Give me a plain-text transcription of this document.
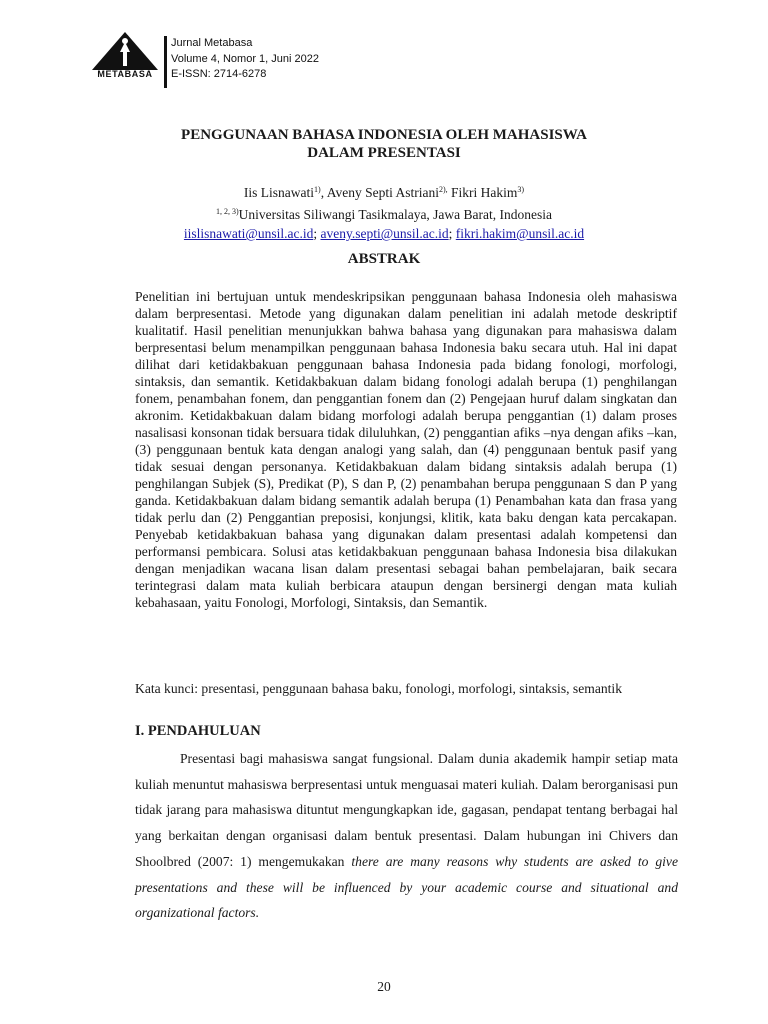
METABASA
Jurnal Metabasa
Volume 4, Nomor 1, Juni 2022
E-ISSN: 2714-6278
PENGGUNAAN BAHASA INDONESIA OLEH MAHASISWA
DALAM PRESENTASI
Iis Lisnawati$^{1)}$, Aveny Septi Astriani$^{2),}$ Fikri Hakim$^{3)}$
$^{1, 2, 3)}$Universitas Siliwangi Tasikmalaya, Jawa Barat, Indonesia
iislisnawati@unsil.ac.id; aveny.septi@unsil.ac.id; fikri.hakim@unsil.ac.id
ABSTRAK

Penelitian ini bertujuan untuk mendeskripsikan penggunaan bahasa Indonesia oleh mahasiswa dalam berpresentasi. Metode yang digunakan dalam penelitian ini adalah metode deskriptif kualitatif. Hasil penelitian menunjukkan bahwa bahasa yang digunakan para mahasiswa dalam berpresentasi belum menampilkan penggunaan bahasa Indonesia baku secara utuh. Hal ini dapat dilihat dari ketidakbakuan penggunaan bahasa Indonesia pada bidang fonologi, morfologi, sintaksis, dan semantik. Ketidakbakuan dalam bidang fonologi adalah berupa (1) penghilangan fonem, penambahan fonem, dan penggantian fonem dan (2) Pengejaan huruf dalam singkatan dan akronim. Ketidakbakuan dalam bidang morfologi adalah berupa penggantian (1) dalam proses nasalisasi konsonan tidak bersuara tidak diluluhkan, (2) penggantian afiks –nya dengan afiks –kan, (3) penggunaan bentuk kata dengan analogi yang salah, dan (4) penggunaan bentuk pasif yang tidak sesuai dengan personanya. Ketidakbakuan dalam bidang sintaksis adalah berupa (1) penghilangan Subjek (S), Predikat (P), S dan P, (2) penambahan berupa penggunaan S dan P yang ganda. Ketidakbakuan dalam bidang semantik adalah berupa (1) Penambahan kata dan frasa yang tidak perlu dan (2) Penggantian preposisi, konjungsi, klitik, kata baku dengan kata percakapan. Penyebab ketidakbakuan bahasa yang digunakan dalam presentasi adalah kompetensi dan performansi pembicara. Solusi atas ketidakbakuan penggunaan bahasa Indonesia bisa dilakukan dengan menjadikan wacana lisan dalam presentasi sebagai bahan pembelajaran, baik secara terintegrasi dalam mata kuliah berbicara ataupun dengan bersinergi dengan mata kuliah kebahasaan, yaitu Fonologi, Morfologi, Sintaksis, dan Semantik.

Kata kunci: presentasi, penggunaan bahasa baku, fonologi, morfologi, sintaksis, semantik

I. PENDAHULUAN

Presentasi bagi mahasiswa sangat fungsional. Dalam dunia akademik hampir setiap mata kuliah menuntut mahasiswa berpresentasi untuk menguasai materi kuliah. Dalam berorganisasi pun tidak jarang para mahasiswa dituntut mengungkapkan ide, gagasan, pendapat tentang berbagai hal yang berkaitan dengan organisasi dalam bentuk presentasi. Dalam hubungan ini Chivers dan Shoolbred (2007: 1) mengemukakan there are many reasons why students are asked to give presentations and these will be influenced by your academic course and situational and organizational factors.

20
